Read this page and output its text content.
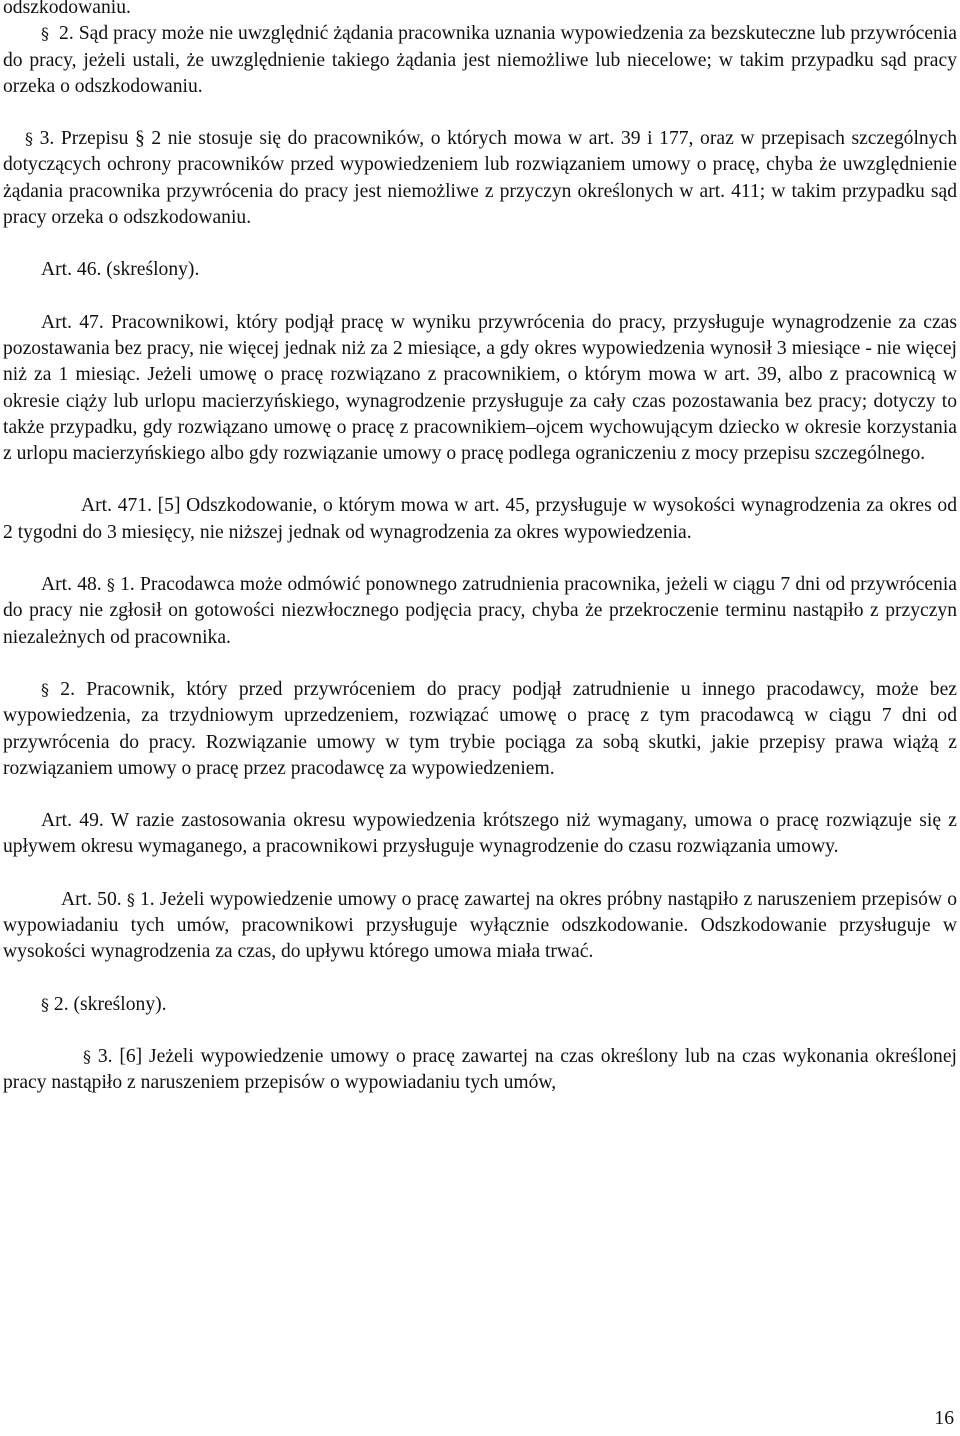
odszkodowaniu.

§ 2. Sąd pracy może nie uwzględnić żądania pracownika uznania wypowiedzenia za bezskuteczne lub przywrócenia do pracy, jeżeli ustali, że uwzględnienie takiego żądania jest niemożliwe lub niecelowe; w takim przypadku sąd pracy orzeka o odszkodowaniu.

§ 3. Przepisu § 2 nie stosuje się do pracowników, o których mowa w art. 39 i 177, oraz w przepisach szczególnych dotyczących ochrony pracowników przed wypowiedzeniem lub rozwiązaniem umowy o pracę, chyba że uwzględnienie żądania pracownika przywrócenia do pracy jest niemożliwe z przyczyn określonych w art. 411; w takim przypadku sąd pracy orzeka o odszkodowaniu.

Art. 46. (skreślony).

Art. 47. Pracownikowi, który podjął pracę w wyniku przywrócenia do pracy, przysługuje wynagrodzenie za czas pozostawania bez pracy, nie więcej jednak niż za 2 miesiące, a gdy okres wypowiedzenia wynosił 3 miesiące - nie więcej niż za 1 miesiąc. Jeżeli umowę o pracę rozwiązano z pracownikiem, o którym mowa w art. 39, albo z pracownicą w okresie ciąży lub urlopu macierzyńskiego, wynagrodzenie przysługuje za cały czas pozostawania bez pracy; dotyczy to także przypadku, gdy rozwiązano umowę o pracę z pracownikiem–ojcem wychowującym dziecko w okresie korzystania z urlopu macierzyńskiego albo gdy rozwiązanie umowy o pracę podlega ograniczeniu z mocy przepisu szczególnego.

Art. 471. [5] Odszkodowanie, o którym mowa w art. 45, przysługuje w wysokości wynagrodzenia za okres od 2 tygodni do 3 miesięcy, nie niższej jednak od wynagrodzenia za okres wypowiedzenia.

Art. 48. § 1. Pracodawca może odmówić ponownego zatrudnienia pracownika, jeżeli w ciągu 7 dni od przywrócenia do pracy nie zgłosił on gotowości niezwłocznego podjęcia pracy, chyba że przekroczenie terminu nastąpiło z przyczyn niezależnych od pracownika.

§ 2. Pracownik, który przed przywróceniem do pracy podjął zatrudnienie u innego pracodawcy, może bez wypowiedzenia, za trzydniowym uprzedzeniem, rozwiązać umowę o pracę z tym pracodawcą w ciągu 7 dni od przywrócenia do pracy. Rozwiązanie umowy w tym trybie pociąga za sobą skutki, jakie przepisy prawa wiążą z rozwiązaniem umowy o pracę przez pracodawcę za wypowiedzeniem.

Art. 49. W razie zastosowania okresu wypowiedzenia krótszego niż wymagany, umowa o pracę rozwiązuje się z upływem okresu wymaganego, a pracownikowi przysługuje wynagrodzenie do czasu rozwiązania umowy.

Art. 50. § 1. Jeżeli wypowiedzenie umowy o pracę zawartej na okres próbny nastąpiło z naruszeniem przepisów o wypowiadaniu tych umów, pracownikowi przysługuje wyłącznie odszkodowanie. Odszkodowanie przysługuje w wysokości wynagrodzenia za czas, do upływu którego umowa miała trwać.

§ 2. (skreślony).

§ 3. [6] Jeżeli wypowiedzenie umowy o pracę zawartej na czas określony lub na czas wykonania określonej pracy nastąpiło z naruszeniem przepisów o wypowiadaniu tych umów,

16
